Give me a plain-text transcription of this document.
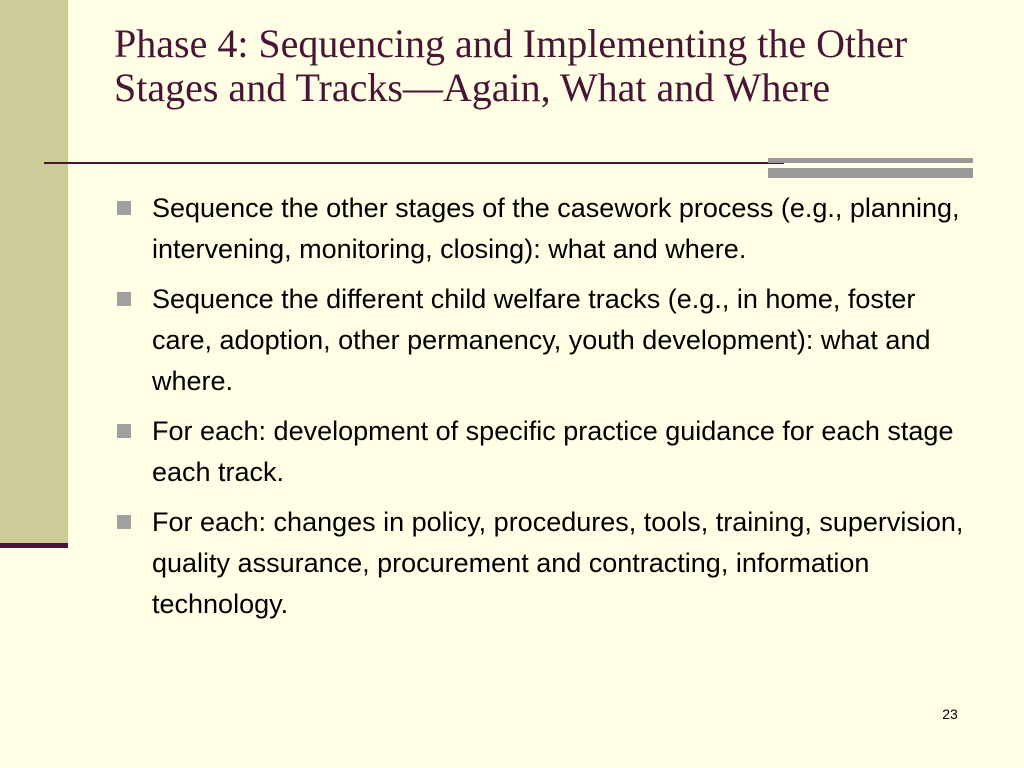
Phase 4: Sequencing and Implementing the Other Stages and Tracks—Again, What and Where
Sequence the other stages of the casework process (e.g., planning, intervening, monitoring, closing): what and where.
Sequence the different child welfare tracks (e.g., in home, foster care, adoption, other permanency, youth development): what and where.
For each: development of specific practice guidance for each stage each track.
For each: changes in policy, procedures, tools, training, supervision, quality assurance, procurement and contracting, information technology.
23
